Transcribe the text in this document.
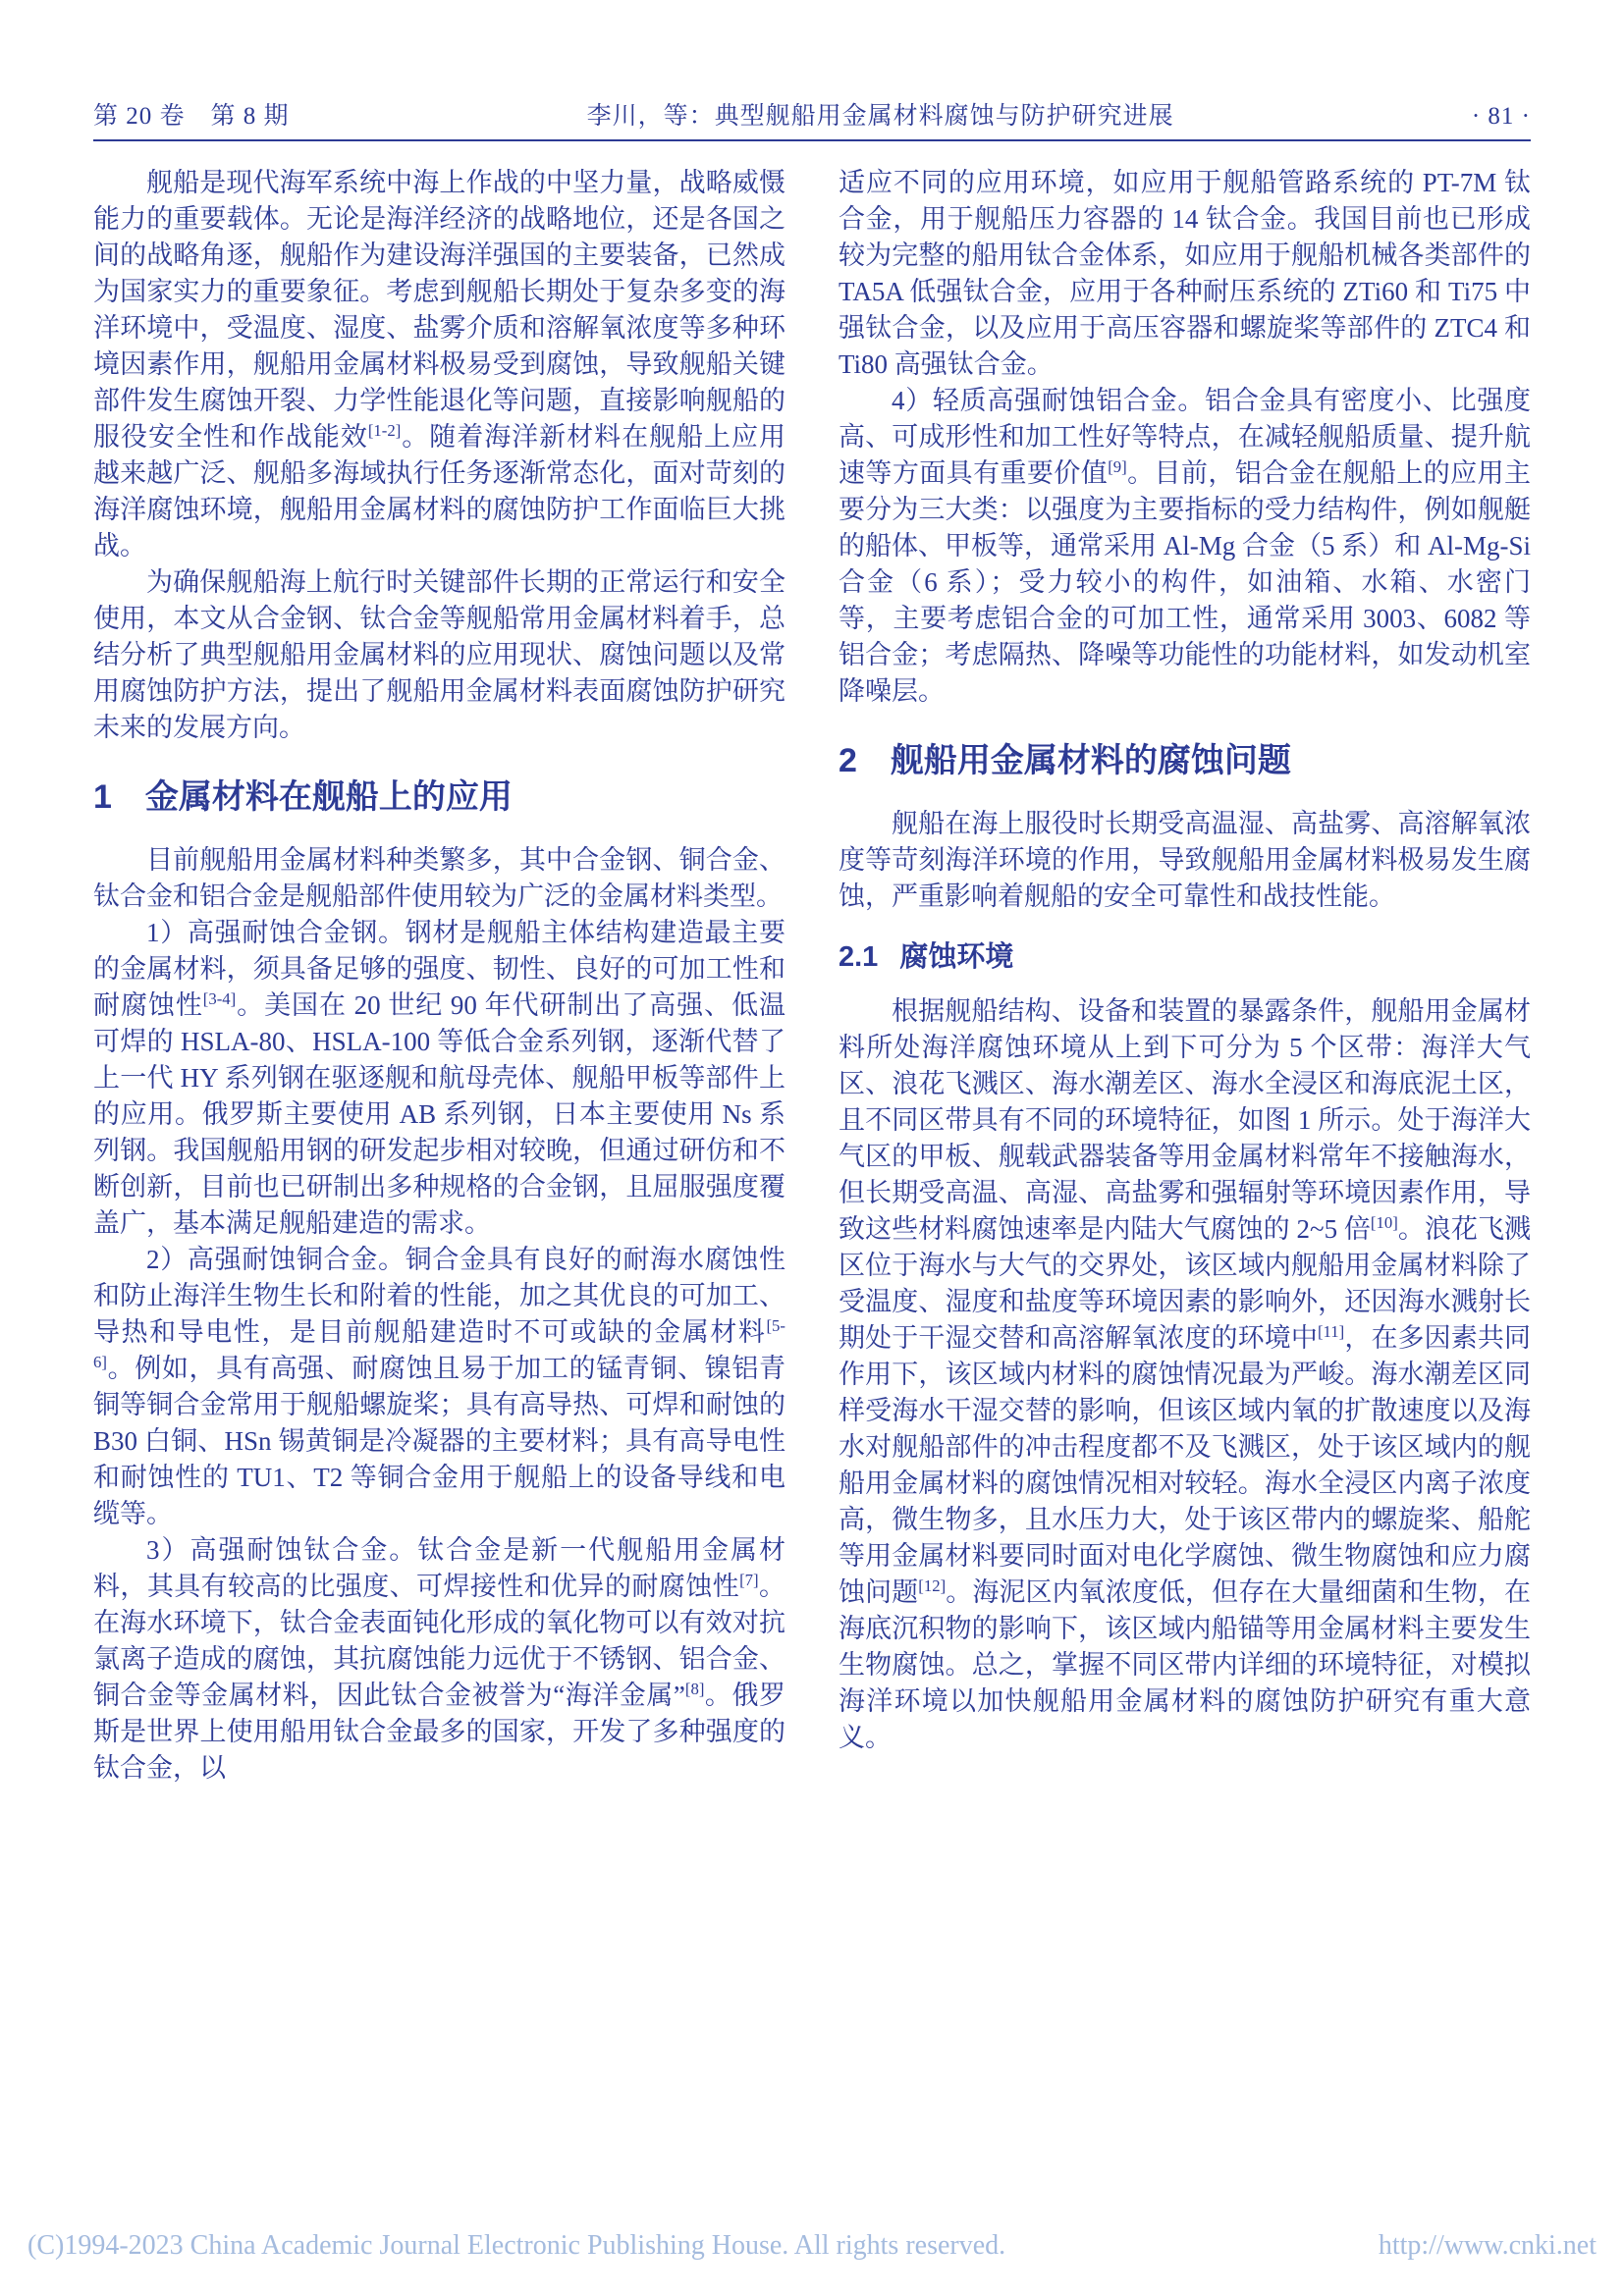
第 20 卷　第 8 期	李川，等：典型舰船用金属材料腐蚀与防护研究进展	· 81 ·

舰船是现代海军系统中海上作战的中坚力量，战略威慑能力的重要载体。无论是海洋经济的战略地位，还是各国之间的战略角逐，舰船作为建设海洋强国的主要装备，已然成为国家实力的重要象征。考虑到舰船长期处于复杂多变的海洋环境中，受温度、湿度、盐雾介质和溶解氧浓度等多种环境因素作用，舰船用金属材料极易受到腐蚀，导致舰船关键部件发生腐蚀开裂、力学性能退化等问题，直接影响舰船的服役安全性和作战能效[1-2]。随着海洋新材料在舰船上应用越来越广泛、舰船多海域执行任务逐渐常态化，面对苛刻的海洋腐蚀环境，舰船用金属材料的腐蚀防护工作面临巨大挑战。

为确保舰船海上航行时关键部件长期的正常运行和安全使用，本文从合金钢、钛合金等舰船常用金属材料着手，总结分析了典型舰船用金属材料的应用现状、腐蚀问题以及常用腐蚀防护方法，提出了舰船用金属材料表面腐蚀防护研究未来的发展方向。

1 金属材料在舰船上的应用

目前舰船用金属材料种类繁多，其中合金钢、铜合金、钛合金和铝合金是舰船部件使用较为广泛的金属材料类型。

1）高强耐蚀合金钢。钢材是舰船主体结构建造最主要的金属材料，须具备足够的强度、韧性、良好的可加工性和耐腐蚀性[3-4]。美国在 20 世纪 90 年代研制出了高强、低温可焊的 HSLA-80、HSLA-100 等低合金系列钢，逐渐代替了上一代 HY 系列钢在驱逐舰和航母壳体、舰船甲板等部件上的应用。俄罗斯主要使用 AB 系列钢，日本主要使用 Ns 系列钢。我国舰船用钢的研发起步相对较晚，但通过研仿和不断创新，目前也已研制出多种规格的合金钢，且屈服强度覆盖广，基本满足舰船建造的需求。

2）高强耐蚀铜合金。铜合金具有良好的耐海水腐蚀性和防止海洋生物生长和附着的性能，加之其优良的可加工、导热和导电性，是目前舰船建造时不可或缺的金属材料[5-6]。例如，具有高强、耐腐蚀且易于加工的锰青铜、镍铝青铜等铜合金常用于舰船螺旋桨；具有高导热、可焊和耐蚀的 B30 白铜、HSn 锡黄铜是冷凝器的主要材料；具有高导电性和耐蚀性的 TU1、T2 等铜合金用于舰船上的设备导线和电缆等。

3）高强耐蚀钛合金。钛合金是新一代舰船用金属材料，其具有较高的比强度、可焊接性和优异的耐腐蚀性[7]。在海水环境下，钛合金表面钝化形成的氧化物可以有效对抗氯离子造成的腐蚀，其抗腐蚀能力远优于不锈钢、铝合金、铜合金等金属材料，因此钛合金被誉为“海洋金属”[8]。俄罗斯是世界上使用船用钛合金最多的国家，开发了多种强度的钛合金，以

适应不同的应用环境，如应用于舰船管路系统的 PT-7M 钛合金，用于舰船压力容器的 14 钛合金。我国目前也已形成较为完整的船用钛合金体系，如应用于舰船机械各类部件的 TA5A 低强钛合金，应用于各种耐压系统的 ZTi60 和 Ti75 中强钛合金，以及应用于高压容器和螺旋桨等部件的 ZTC4 和 Ti80 高强钛合金。

4）轻质高强耐蚀铝合金。铝合金具有密度小、比强度高、可成形性和加工性好等特点，在减轻舰船质量、提升航速等方面具有重要价值[9]。目前，铝合金在舰船上的应用主要分为三大类：以强度为主要指标的受力结构件，例如舰艇的船体、甲板等，通常采用 Al-Mg 合金（5 系）和 Al-Mg-Si 合金（6 系）；受力较小的构件，如油箱、水箱、水密门等，主要考虑铝合金的可加工性，通常采用 3003、6082 等铝合金；考虑隔热、降噪等功能性的功能材料，如发动机室降噪层。

2 舰船用金属材料的腐蚀问题

舰船在海上服役时长期受高温湿、高盐雾、高溶解氧浓度等苛刻海洋环境的作用，导致舰船用金属材料极易发生腐蚀，严重影响着舰船的安全可靠性和战技性能。

2.1 腐蚀环境

根据舰船结构、设备和装置的暴露条件，舰船用金属材料所处海洋腐蚀环境从上到下可分为 5 个区带：海洋大气区、浪花飞溅区、海水潮差区、海水全浸区和海底泥土区，且不同区带具有不同的环境特征，如图 1 所示。处于海洋大气区的甲板、舰载武器装备等用金属材料常年不接触海水，但长期受高温、高湿、高盐雾和强辐射等环境因素作用，导致这些材料腐蚀速率是内陆大气腐蚀的 2~5 倍[10]。浪花飞溅区位于海水与大气的交界处，该区域内舰船用金属材料除了受温度、湿度和盐度等环境因素的影响外，还因海水溅射长期处于干湿交替和高溶解氧浓度的环境中[11]，在多因素共同作用下，该区域内材料的腐蚀情况最为严峻。海水潮差区同样受海水干湿交替的影响，但该区域内氧的扩散速度以及海水对舰船部件的冲击程度都不及飞溅区，处于该区域内的舰船用金属材料的腐蚀情况相对较轻。海水全浸区内离子浓度高，微生物多，且水压力大，处于该区带内的螺旋桨、船舵等用金属材料要同时面对电化学腐蚀、微生物腐蚀和应力腐蚀问题[12]。海泥区内氧浓度低，但存在大量细菌和生物，在海底沉积物的影响下，该区域内船锚等用金属材料主要发生生物腐蚀。总之，掌握不同区带内详细的环境特征，对模拟海洋环境以加快舰船用金属材料的腐蚀防护研究有重大意义。

(C)1994-2023 China Academic Journal Electronic Publishing House. All rights reserved.	http://www.cnki.net
